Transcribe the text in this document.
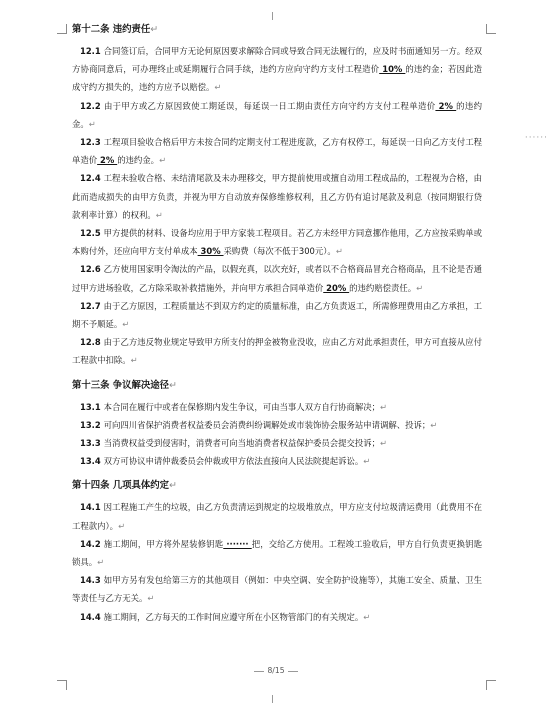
······
第十二条 违约责任↵

12.1 合同签订后，合同甲方无论何原因要求解除合同或导致合同无法履行的，应及时书面通知另一方。经双方协商同意后，可办理终止或延期履行合同手续，违约方应向守约方支付工程造价 10% 的违约金；若因此造成守约方损失的，违约方应予以赔偿。↵

12.2 由于甲方或乙方原因致使工期延误，每延误一日工期由责任方向守约方支付工程单造价 2% 的违约金。↵

12.3 工程项目验收合格后甲方未按合同约定期支付工程进度款，乙方有权停工，每延误一日向乙方支付工程单造价 2% 的违约金。↵

12.4 工程未验收合格、未结清尾款及未办理移交，甲方提前使用或擅自动用工程成品的，工程视为合格，由此而造成损失的由甲方负责，并视为甲方自动放弃保修维修权利，且乙方仍有追讨尾款及利息（按同期银行贷款利率计算）的权利。↵

12.5 甲方提供的材料、设备均应用于甲方家装工程项目。若乙方未经甲方同意挪作他用，乙方应按采购单或本购付外，还应向甲方支付单成本 30% 采购费（每次不低于300元）。↵

12.6 乙方使用国家明令淘汰的产品，以假充真，以次充好，或者以不合格商品冒充合格商品，且不论是否通过甲方进场验收，乙方除采取补救措施外，并向甲方承担合同单造价 20% 的违约赔偿责任。↵

12.7 由于乙方原因，工程质量达不到双方约定的质量标准，由乙方负责返工，所需修理费用由乙方承担，工期不予顺延。↵

12.8 由于乙方违反物业规定导致甲方所支付的押金被物业没收，应由乙方对此承担责任，甲方可直接从应付工程款中扣除。↵

第十三条 争议解决途径↵

13.1 本合同在履行中或者在保修期内发生争议，可由当事人双方自行协商解决；↵

13.2 可向四川省保护消费者权益委员会消费纠纷调解处或市装饰协会服务站申请调解、投诉；↵

13.3 当消费权益受到侵害时，消费者可向当地消费者权益保护委员会提交投诉；↵

13.4 双方可协议申请仲裁委员会仲裁或甲方依法直接向人民法院提起诉讼。↵

第十四条 几项具体约定↵

14.1 因工程施工产生的垃圾，由乙方负责清运到规定的垃圾堆放点，甲方应支付垃圾清运费用（此费用不在工程款内）。↵

14.2 施工期间，甲方将外屋装修钥匙 ······· 把，交给乙方使用。工程竣工验收后，甲方自行负责更换钥匙锁具。↵

14.3 如甲方另有发包给第三方的其他项目（例如：中央空调、安全防护设施等），其施工安全、质量、卫生等责任与乙方无关。↵

14.4 施工期间，乙方每天的工作时间应遵守所在小区物管部门的有关规定。↵

8/15
